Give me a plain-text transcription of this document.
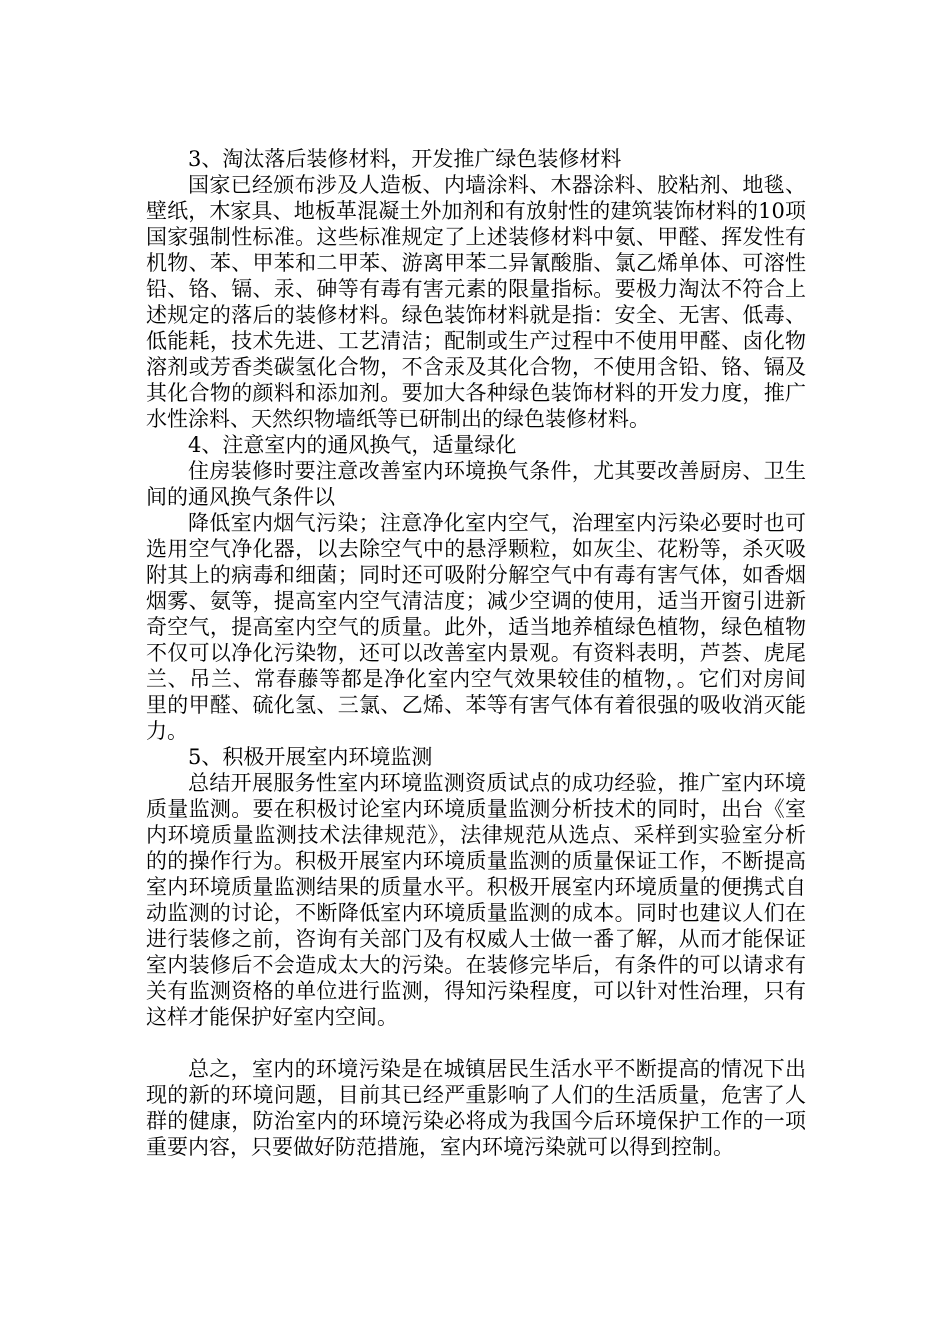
3、淘汰落后装修材料，开发推广绿色装修材料

国家已经颁布涉及人造板、内墙涂料、木器涂料、胶粘剂、地毯、壁纸，木家具、地板革混凝土外加剂和有放射性的建筑装饰材料的10项国家强制性标准。这些标准规定了上述装修材料中氨、甲醛、挥发性有机物、苯、甲苯和二甲苯、游离甲苯二异氰酸脂、氯乙烯单体、可溶性铅、铬、镉、汞、砷等有毒有害元素的限量指标。要极力淘汰不符合上述规定的落后的装修材料。绿色装饰材料就是指：安全、无害、低毒、低能耗，技术先进、工艺清洁；配制或生产过程中不使用甲醛、卤化物溶剂或芳香类碳氢化合物，不含汞及其化合物，不使用含铅、铬、镉及其化合物的颜料和添加剂。要加大各种绿色装饰材料的开发力度，推广水性涂料、天然织物墙纸等已研制出的绿色装修材料。

4、注意室内的通风换气，适量绿化

住房装修时要注意改善室内环境换气条件，尤其要改善厨房、卫生间的通风换气条件以

降低室内烟气污染；注意净化室内空气，治理室内污染必要时也可选用空气净化器，以去除空气中的悬浮颗粒，如灰尘、花粉等，杀灭吸附其上的病毒和细菌；同时还可吸附分解空气中有毒有害气体，如香烟烟雾、氨等，提高室内空气清洁度；减少空调的使用，适当开窗引进新奇空气，提高室内空气的质量。此外，适当地养植绿色植物，绿色植物不仅可以净化污染物，还可以改善室内景观。有资料表明，芦荟、虎尾兰、吊兰、常春藤等都是净化室内空气效果较佳的植物，。它们对房间里的甲醛、硫化氢、三氯、乙烯、苯等有害气体有着很强的吸收消灭能力。

5、积极开展室内环境监测

总结开展服务性室内环境监测资质试点的成功经验，推广室内环境质量监测。要在积极讨论室内环境质量监测分析技术的同时，出台《室内环境质量监测技术法律规范》，法律规范从选点、采样到实验室分析的的操作行为。积极开展室内环境质量监测的质量保证工作，不断提高室内环境质量监测结果的质量水平。积极开展室内环境质量的便携式自动监测的讨论，不断降低室内环境质量监测的成本。同时也建议人们在进行装修之前，咨询有关部门及有权威人士做一番了解，从而才能保证室内装修后不会造成太大的污染。在装修完毕后，有条件的可以请求有关有监测资格的单位进行监测，得知污染程度，可以针对性治理，只有这样才能保护好室内空间。

总之，室内的环境污染是在城镇居民生活水平不断提高的情况下出现的新的环境问题，目前其已经严重影响了人们的生活质量，危害了人群的健康，防治室内的环境污染必将成为我国今后环境保护工作的一项重要内容，只要做好防范措施，室内环境污染就可以得到控制。
